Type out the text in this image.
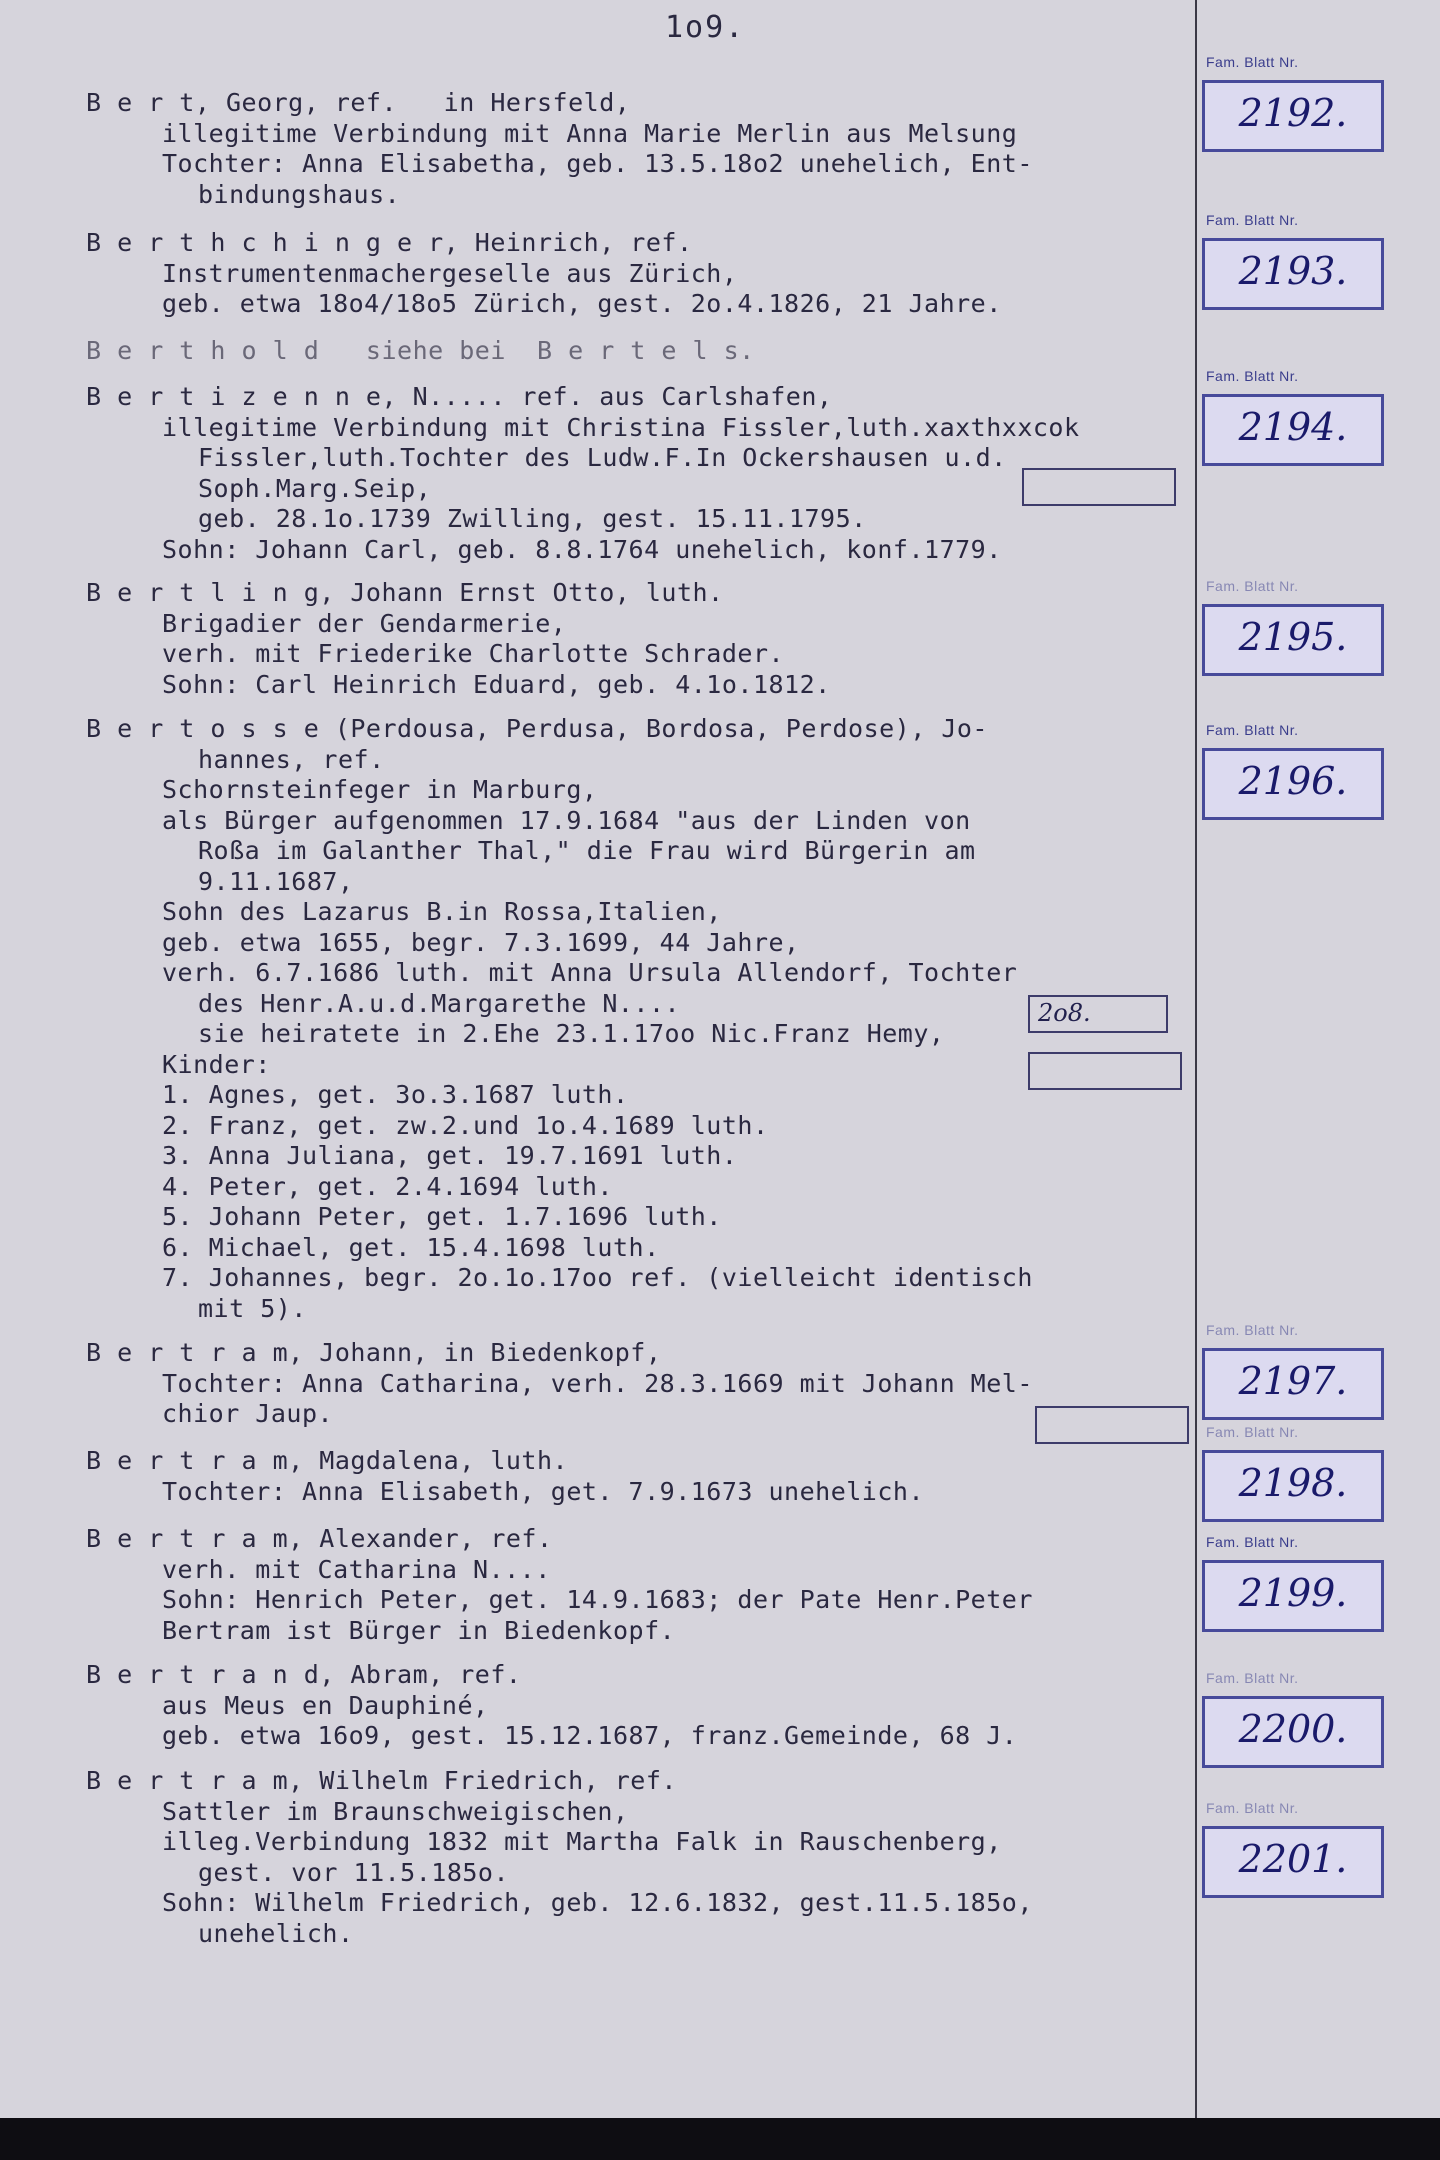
1o9.
B e r t, Georg, ref.   in Hersfeld,
illegitime Verbindung mit Anna Marie Merlin aus Melsung
Tochter: Anna Elisabetha, geb. 13.5.18o2 unehelich, Ent-
bindungshaus.
B e r t h c h i n g e r, Heinrich, ref.
Instrumentenmachergeselle aus Zürich,
geb. etwa 18o4/18o5 Zürich, gest. 2o.4.1826, 21 Jahre.
B e r t h o l d   siehe bei  B e r t e l s.
B e r t i z e n n e, N..... ref. aus Carlshafen,
illegitime Verbindung mit Christina Fissler,luth.xaxthxxcok
Fissler,luth.Tochter des Ludw.F.In Ockershausen u.d.
Soph.Marg.Seip,
geb. 28.1o.1739 Zwilling, gest. 15.11.1795.
Sohn: Johann Carl, geb. 8.8.1764 unehelich, konf.1779.
B e r t l i n g, Johann Ernst Otto, luth.
Brigadier der Gendarmerie,
verh. mit Friederike Charlotte Schrader.
Sohn: Carl Heinrich Eduard, geb. 4.1o.1812.
B e r t o s s e (Perdousa, Perdusa, Bordosa, Perdose), Jo-
hannes, ref.
Schornsteinfeger in Marburg,
als Bürger aufgenommen 17.9.1684 "aus der Linden von
Roßa im Galanther Thal," die Frau wird Bürgerin am
9.11.1687,
Sohn des Lazarus B.in Rossa,Italien,
geb. etwa 1655, begr. 7.3.1699, 44 Jahre,
verh. 6.7.1686 luth. mit Anna Ursula Allendorf, Tochter
des Henr.A.u.d.Margarethe N....
sie heiratete in 2.Ehe 23.1.17oo Nic.Franz Hemy,
Kinder:
1. Agnes, get. 3o.3.1687 luth.
2. Franz, get. zw.2.und 1o.4.1689 luth.
3. Anna Juliana, get. 19.7.1691 luth.
4. Peter, get. 2.4.1694 luth.
5. Johann Peter, get. 1.7.1696 luth.
6. Michael, get. 15.4.1698 luth.
7. Johannes, begr. 2o.1o.17oo ref. (vielleicht identisch
mit 5).
B e r t r a m, Johann, in Biedenkopf,
Tochter: Anna Catharina, verh. 28.3.1669 mit Johann Mel-
chior Jaup.
B e r t r a m, Magdalena, luth.
Tochter: Anna Elisabeth, get. 7.9.1673 unehelich.
B e r t r a m, Alexander, ref.
verh. mit Catharina N....
Sohn: Henrich Peter, get. 14.9.1683; der Pate Henr.Peter
Bertram ist Bürger in Biedenkopf.
B e r t r a n d, Abram, ref.
aus Meus en Dauphiné,
geb. etwa 16o9, gest. 15.12.1687, franz.Gemeinde, 68 J.
B e r t r a m, Wilhelm Friedrich, ref.
Sattler im Braunschweigischen,
illeg.Verbindung 1832 mit Martha Falk in Rauschenberg,
gest. vor 11.5.185o.
Sohn: Wilhelm Friedrich, geb. 12.6.1832, gest.11.5.185o,
unehelich.
2o8.
Fam. Blatt Nr.
2192.
Fam. Blatt Nr.
2193.
Fam. Blatt Nr.
2194.
Fam. Blatt Nr.
2195.
Fam. Blatt Nr.
2196.
Fam. Blatt Nr.
2197.
Fam. Blatt Nr.
2198.
Fam. Blatt Nr.
2199.
Fam. Blatt Nr.
2200.
Fam. Blatt Nr.
2201.
